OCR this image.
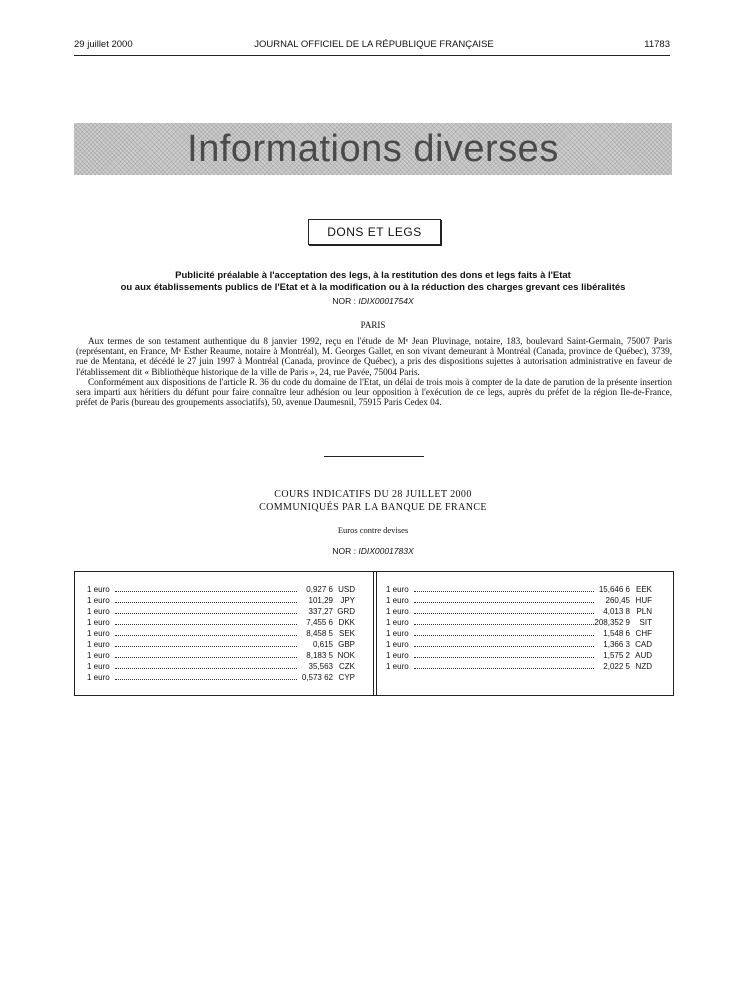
29 juillet 2000	JOURNAL OFFICIEL DE LA RÉPUBLIQUE FRANÇAISE	11783
Informations diverses
DONS ET LEGS
Publicité préalable à l'acceptation des legs, à la restitution des dons et legs faits à l'Etat
ou aux établissements publics de l'Etat et à la modification ou à la réduction des charges grevant ces libéralités
NOR : IDIX0001754X
PARIS

Aux termes de son testament authentique du 8 janvier 1992, reçu en l'étude de Mᵉ Jean Pluvinage, notaire, 183, boulevard Saint-Germain, 75007 Paris (représentant, en France, Mᵉ Esther Reaume, notaire à Montréal), M. Georges Gallet, en son vivant demeurant à Montréal (Canada, province de Québec), 3739, rue de Mentana, et décédé le 27 juin 1997 à Montréal (Canada, province de Québec), a pris des dispositions sujettes à autorisation administrative en faveur de l'établissement dit « Bibliothèque historique de la ville de Paris », 24, rue Pavée, 75004 Paris.

Conformément aux dispositions de l'article R. 36 du code du domaine de l'Etat, un délai de trois mois à compter de la date de parution de la présente insertion sera imparti aux héritiers du défunt pour faire connaître leur adhésion ou leur opposition à l'exécution de ce legs, auprès du préfet de la région Ile-de-France, préfet de Paris (bureau des groupements associatifs), 50, avenue Daumesnil, 75915 Paris Cedex 04.

COURS INDICATIFS DU 28 JUILLET 2000
COMMUNIQUÉS PAR LA BANQUE DE FRANCE
Euros contre devises
NOR : IDIX0001783X
1 euro	0,927 6 USD
1 euro	101,29 JPY
1 euro	337,27 GRD
1 euro	7,455 6 DKK
1 euro	8,458 5 SEK
1 euro	0,615 GBP
1 euro	8,183 5 NOK
1 euro	35,563 CZK
1 euro	0,573 62 CYP
1 euro	15,646 6 EEK
1 euro	260,45 HUF
1 euro	4,013 8 PLN
1 euro	208,352 9 SIT
1 euro	1,548 6 CHF
1 euro	1,366 3 CAD
1 euro	1,575 2 AUD
1 euro	2,022 5 NZD
